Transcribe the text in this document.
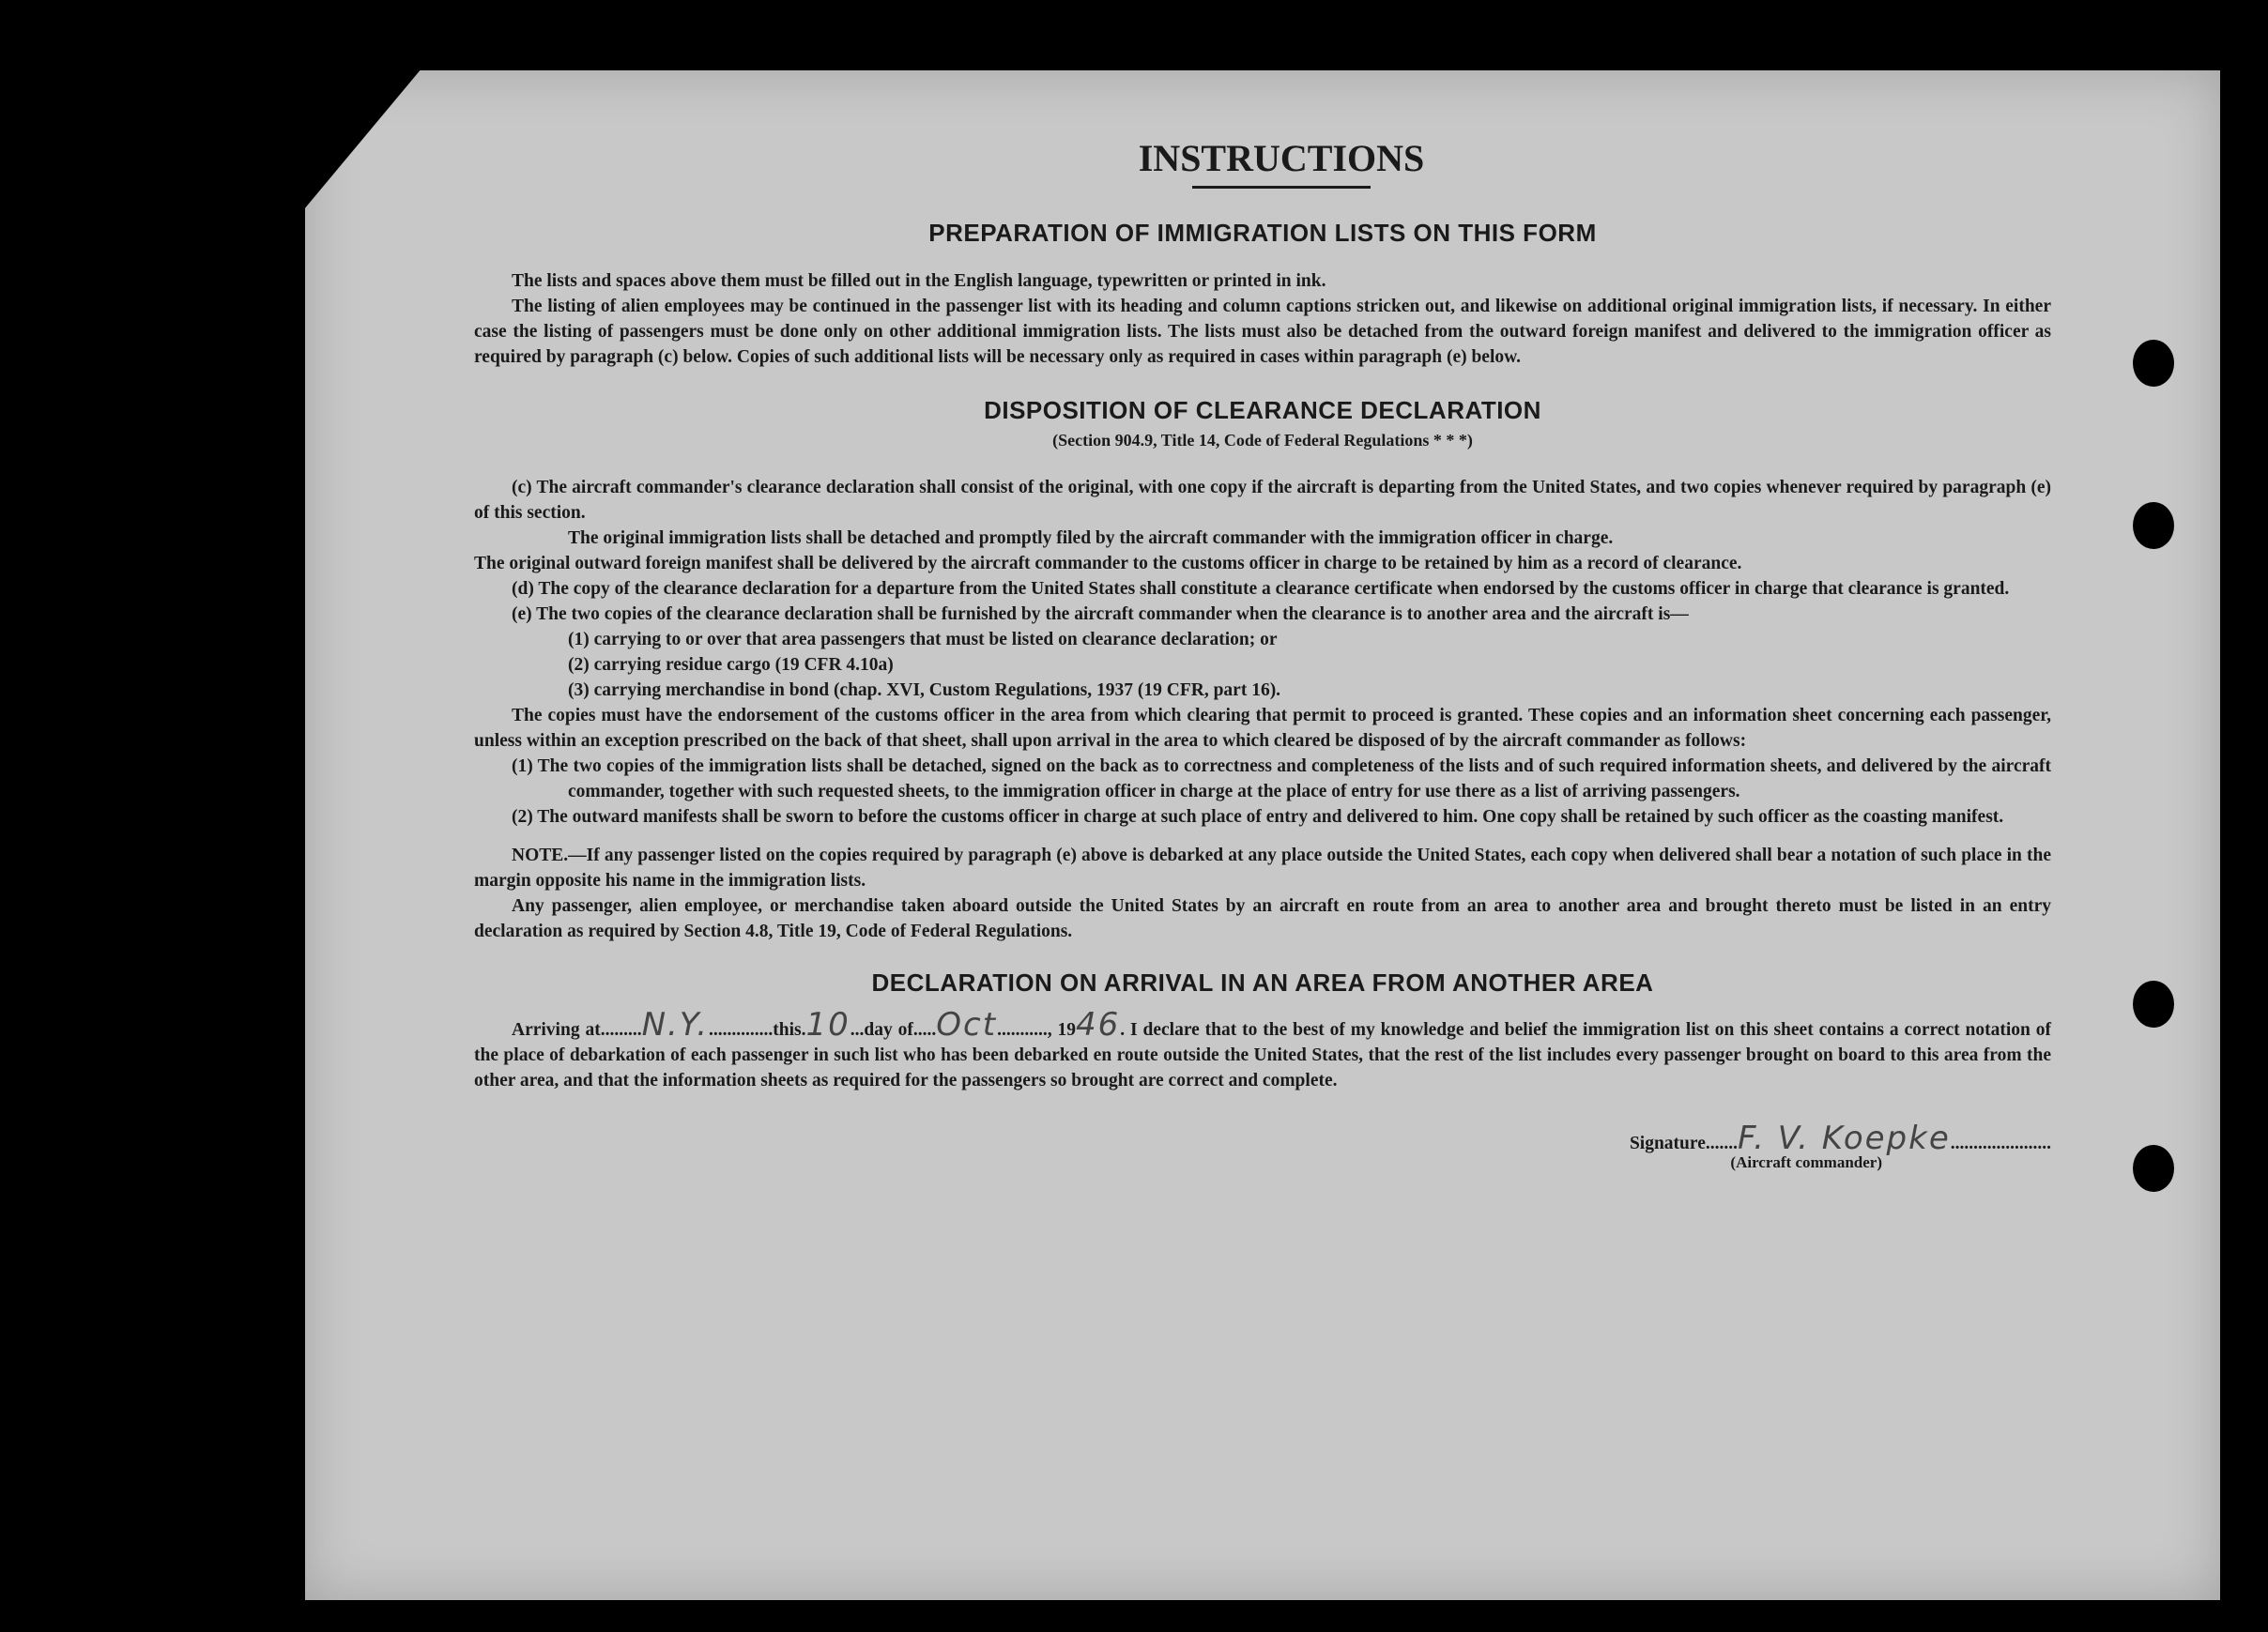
INSTRUCTIONS
PREPARATION OF IMMIGRATION LISTS ON THIS FORM

The lists and spaces above them must be filled out in the English language, typewritten or printed in ink.

The listing of alien employees may be continued in the passenger list with its heading and column captions stricken out, and likewise on additional original immigration lists, if necessary. In either case the listing of passengers must be done only on other additional immigration lists. The lists must also be detached from the outward foreign manifest and delivered to the immigration officer as required by paragraph (c) below. Copies of such additional lists will be necessary only as required in cases within paragraph (e) below.

DISPOSITION OF CLEARANCE DECLARATION
(Section 904.9, Title 14, Code of Federal Regulations * * *)

(c) The aircraft commander's clearance declaration shall consist of the original, with one copy if the aircraft is departing from the United States, and two copies whenever required by paragraph (e) of this section.

The original immigration lists shall be detached and promptly filed by the aircraft commander with the immigration officer in charge.

The original outward foreign manifest shall be delivered by the aircraft commander to the customs officer in charge to be retained by him as a record of clearance.

(d) The copy of the clearance declaration for a departure from the United States shall constitute a clearance certificate when endorsed by the customs officer in charge that clearance is granted.

(e) The two copies of the clearance declaration shall be furnished by the aircraft commander when the clearance is to another area and the aircraft is—

(1) carrying to or over that area passengers that must be listed on clearance declaration; or

(2) carrying residue cargo (19 CFR 4.10a)

(3) carrying merchandise in bond (chap. XVI, Custom Regulations, 1937 (19 CFR, part 16).

The copies must have the endorsement of the customs officer in the area from which clearing that permit to proceed is granted. These copies and an information sheet concerning each passenger, unless within an exception prescribed on the back of that sheet, shall upon arrival in the area to which cleared be disposed of by the aircraft commander as follows:

(1) The two copies of the immigration lists shall be detached, signed on the back as to correctness and completeness of the lists and of such required information sheets, and delivered by the aircraft commander, together with such requested sheets, to the immigration officer in charge at the place of entry for use there as a list of arriving passengers.

(2) The outward manifests shall be sworn to before the customs officer in charge at such place of entry and delivered to him. One copy shall be retained by such officer as the coasting manifest.

NOTE.—If any passenger listed on the copies required by paragraph (e) above is debarked at any place outside the United States, each copy when delivered shall bear a notation of such place in the margin opposite his name in the immigration lists.

Any passenger, alien employee, or merchandise taken aboard outside the United States by an aircraft en route from an area to another area and brought thereto must be listed in an entry declaration as required by Section 4.8, Title 19, Code of Federal Regulations.

DECLARATION ON ARRIVAL IN AN AREA FROM ANOTHER AREA

Arriving at.........N.Y...............this.10...day of.....Oct..........., 1946. I declare that to the best of my knowledge and belief the immigration list on this sheet contains a correct notation of the place of debarkation of each passenger in such list who has been debarked en route outside the United States, that the rest of the list includes every passenger brought on board to this area from the other area, and that the information sheets as required for the passengers so brought are correct and complete.

Signature.......F. V. Koepke......................
(Aircraft commander)
